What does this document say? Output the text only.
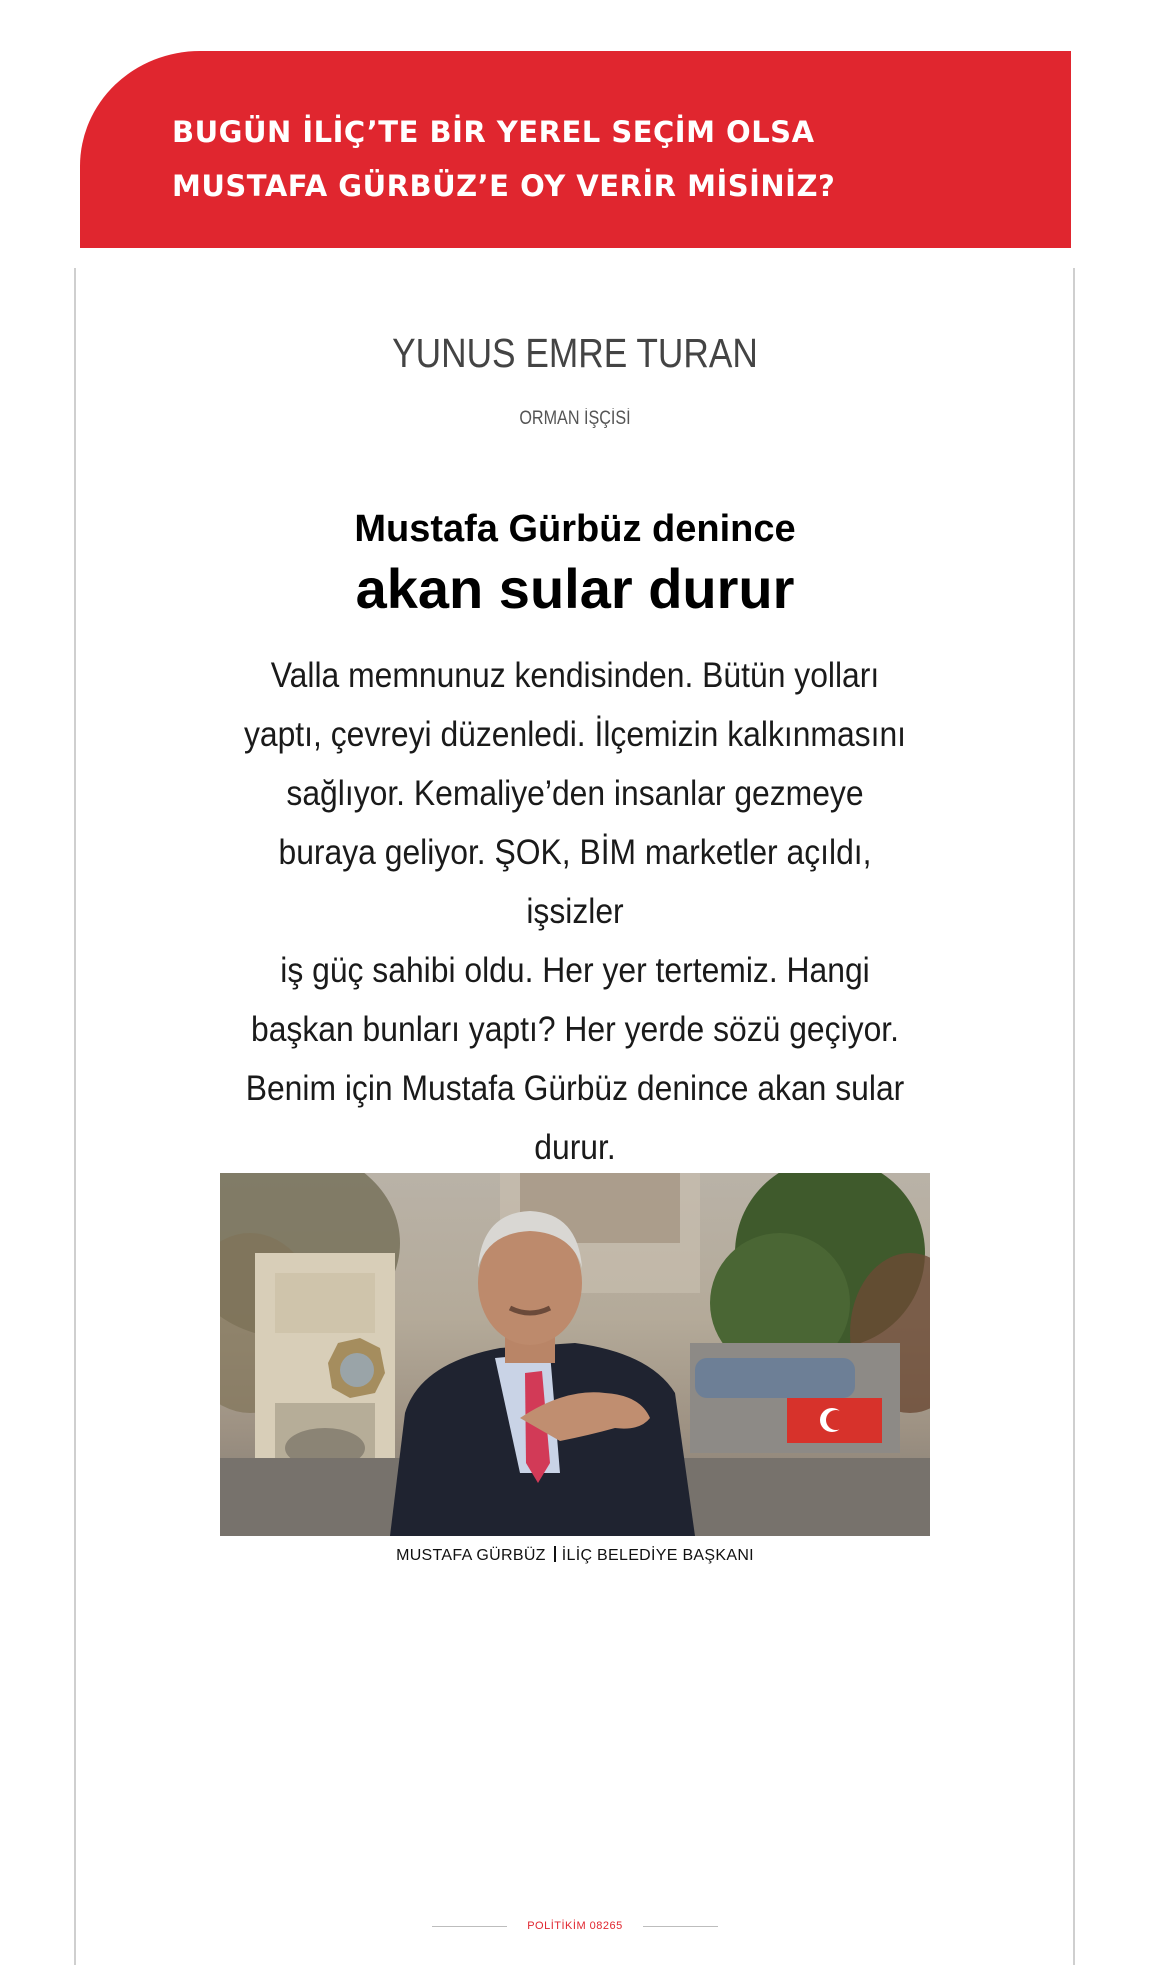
BUGÜN İLİÇ’TE BİR YEREL SEÇİM OLSA
MUSTAFA GÜRBÜZ’E OY VERİR MİSİNİZ?
YUNUS EMRE TURAN

ORMAN İŞÇİSİ

Mustafa Gürbüz denince
akan sular durur

Valla memnunuz kendisinden. Bütün yolları
yaptı, çevreyi düzenledi. İlçemizin kalkınmasını
sağlıyor. Kemaliye’den insanlar gezmeye
buraya geliyor. ŞOK, BİM marketler açıldı, işsizler
iş güç sahibi oldu. Her yer tertemiz. Hangi
başkan bunları yaptı? Her yerde sözü geçiyor.
Benim için Mustafa Gürbüz denince akan sular
durur.

MUSTAFA GÜRBÜZ İLİÇ BELEDİYE BAŞKANI

POLİTİKİM 08265
